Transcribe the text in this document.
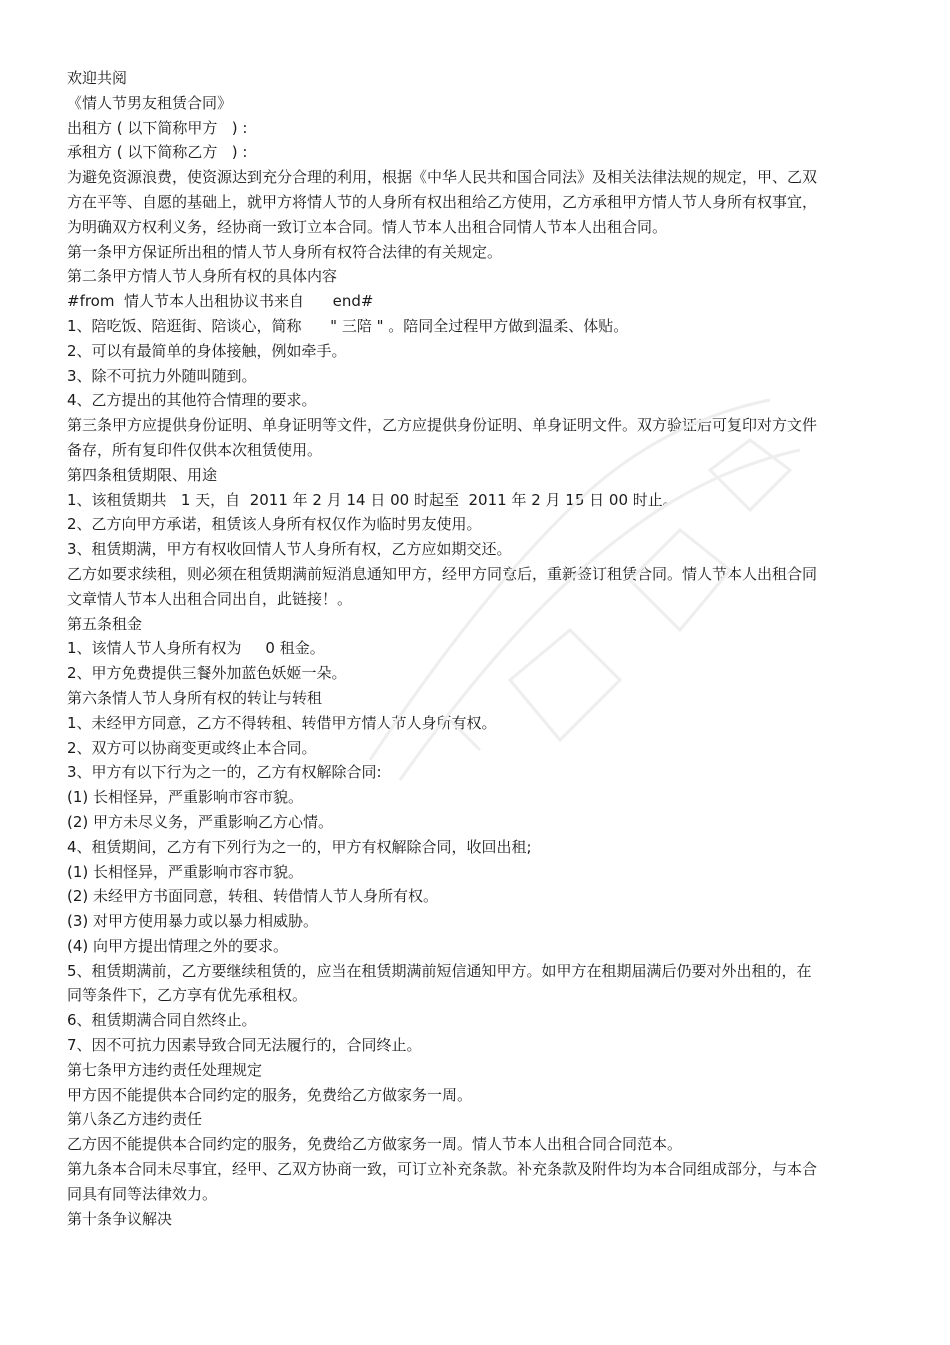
欢迎共阅
《情人节男友租赁合同》
出租方 ( 以下简称甲方   ) :
承租方 ( 以下简称乙方   ) :
为避免资源浪费，使资源达到充分合理的利用，根据《中华人民共和国合同法》及相关法律法规的规定，甲、乙双方在平等、自愿的基础上，就甲方将情人节的人身所有权出租给乙方使用，乙方承租甲方情人节人身所有权事宜，为明确双方权利义务，经协商一致订立本合同。情人节本人出租合同情人节本人出租合同。
第一条甲方保证所出租的情人节人身所有权符合法律的有关规定。
第二条甲方情人节人身所有权的具体内容
#from  情人节本人出租协议书来自      end#
1、陪吃饭、陪逛街、陪谈心，简称      " 三陪 " 。陪同全过程甲方做到温柔、体贴。
2、可以有最简单的身体接触，例如牵手。
3、除不可抗力外随叫随到。
4、乙方提出的其他符合情理的要求。
第三条甲方应提供身份证明、单身证明等文件，乙方应提供身份证明、单身证明文件。双方验证后可复印对方文件备存，所有复印件仅供本次租赁使用。
第四条租赁期限、用途
1、该租赁期共   1 天，自  2011 年 2 月 14 日 00 时起至  2011 年 2 月 15 日 00 时止。
2、乙方向甲方承诺，租赁该人身所有权仅作为临时男友使用。
3、租赁期满，甲方有权收回情人节人身所有权，乙方应如期交还。
乙方如要求续租，则必须在租赁期满前短消息通知甲方，经甲方同意后，重新签订租赁合同。情人节本人出租合同文章情人节本人出租合同出自，此链接！。
第五条租金
1、该情人节人身所有权为     0 租金。
2、甲方免费提供三餐外加蓝色妖姬一朵。
第六条情人节人身所有权的转让与转租
1、未经甲方同意，乙方不得转租、转借甲方情人节人身所有权。
2、双方可以协商变更或终止本合同。
3、甲方有以下行为之一的，乙方有权解除合同:
(1) 长相怪异，严重影响市容市貌。
(2) 甲方未尽义务，严重影响乙方心情。
4、租赁期间，乙方有下列行为之一的，甲方有权解除合同，收回出租;
(1) 长相怪异，严重影响市容市貌。
(2) 未经甲方书面同意，转租、转借情人节人身所有权。
(3) 对甲方使用暴力或以暴力相威胁。
(4) 向甲方提出情理之外的要求。
5、租赁期满前，乙方要继续租赁的，应当在租赁期满前短信通知甲方。如甲方在租期届满后仍要对外出租的，在同等条件下，乙方享有优先承租权。
6、租赁期满合同自然终止。
7、因不可抗力因素导致合同无法履行的，合同终止。
第七条甲方违约责任处理规定
甲方因不能提供本合同约定的服务，免费给乙方做家务一周。
第八条乙方违约责任
乙方因不能提供本合同约定的服务，免费给乙方做家务一周。情人节本人出租合同合同范本。
第九条本合同未尽事宜，经甲、乙双方协商一致，可订立补充条款。补充条款及附件均为本合同组成部分，与本合同具有同等法律效力。
第十条争议解决
